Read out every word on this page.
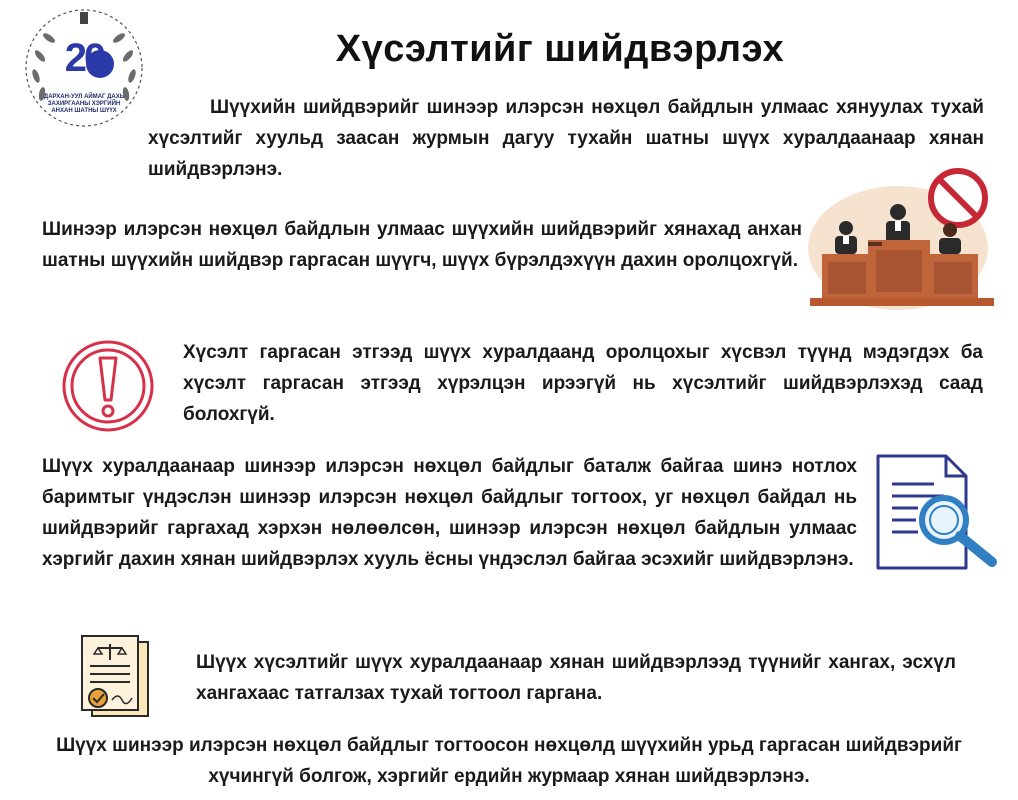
20
ЖИЛ
ДАРХАН-УУЛ АЙМАГ ДАХЬ
ЗАХИРГААНЫ ХЭРГИЙН
АНХАН ШАТНЫ ШҮҮХ
Хүсэлтийг шийдвэрлэх
Шүүхийн шийдвэрийг шинээр илэрсэн нөхцөл байдлын улмаас хянуулах тухай хүсэлтийг хуульд заасан журмын дагуу тухайн шатны шүүх хуралдаанаар хянан шийдвэрлэнэ.
Шинээр илэрсэн нөхцөл байдлын улмаас шүүхийн шийдвэрийг хянахад анхан шатны шүүхийн шийдвэр гаргасан шүүгч, шүүх бүрэлдэхүүн дахин оролцохгүй.
Хүсэлт гаргасан этгээд шүүх хуралдаанд оролцохыг хүсвэл түүнд мэдэгдэх ба хүсэлт гаргасан этгээд хүрэлцэн ирээгүй нь хүсэлтийг шийдвэрлэхэд саад болохгүй.
Шүүх хуралдаанаар шинээр илэрсэн нөхцөл байдлыг баталж байгаа шинэ нотлох баримтыг үндэслэн шинээр илэрсэн нөхцөл байдлыг тогтоох, уг нөхцөл байдал нь шийдвэрийг гаргахад хэрхэн нөлөөлсөн, шинээр илэрсэн нөхцөл байдлын улмаас хэргийг дахин хянан шийдвэрлэх хууль ёсны үндэслэл байгаа эсэхийг шийдвэрлэнэ.
Шүүх хүсэлтийг шүүх хуралдаанаар хянан шийдвэрлээд түүнийг хангах, эсхүл хангахаас татгалзах тухай тогтоол гаргана.
Шүүх шинээр илэрсэн нөхцөл байдлыг тогтоосон нөхцөлд шүүхийн урьд гаргасан шийдвэрийг хүчингүй болгож, хэргийг ердийн журмаар хянан шийдвэрлэнэ.
